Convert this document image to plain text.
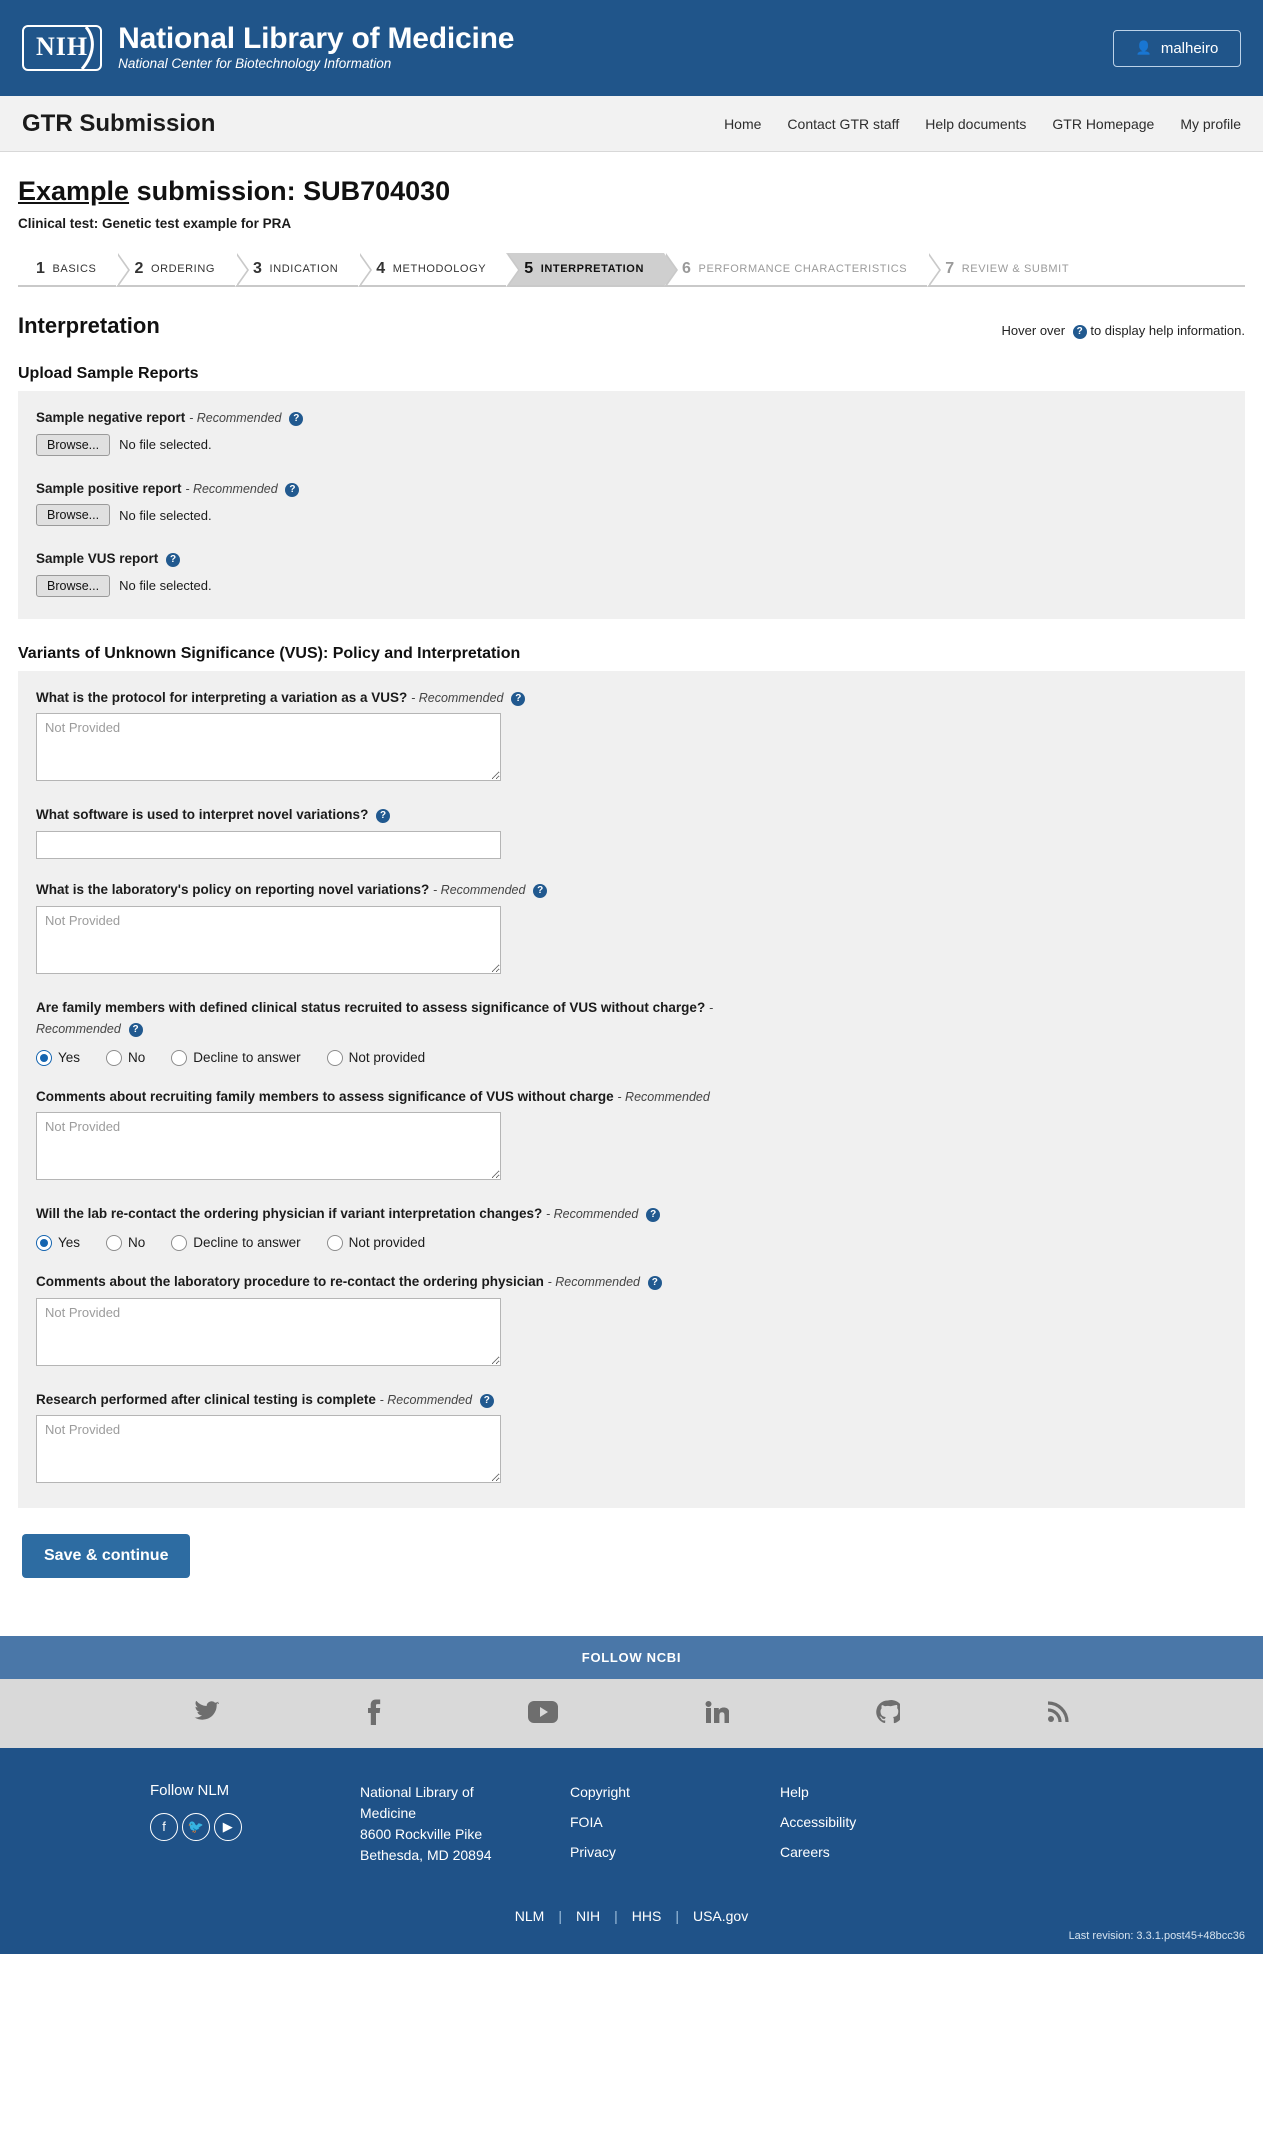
NIH	National Library of Medicine
National Center for Biotechnology Information
👤 malheiro
GTR Submission	Home Contact GTR staff Help documents GTR Homepage My profile
Example submission: SUB704030
Clinical test: Genetic test example for PRA
1 BASICS 2 ORDERING 3 INDICATION 4 METHODOLOGY 5 INTERPRETATION 6 PERFORMANCE CHARACTERISTICS 7 REVIEW & SUBMIT
Interpretation	Hover over ? to display help information.
Upload Sample Reports
Sample negative report - Recommended ?
Browse...	No file selected.
Sample positive report - Recommended ?
Browse...	No file selected.
Sample VUS report ?
Browse...	No file selected.
Variants of Unknown Significance (VUS): Policy and Interpretation
What is the protocol for interpreting a variation as a VUS? - Recommended ?
Not Provided
What software is used to interpret novel variations? ?
What is the laboratory's policy on reporting novel variations? - Recommended ?
Not Provided
Are family members with defined clinical status recruited to assess significance of VUS without charge? - Recommended ?
Yes	No	Decline to answer	Not provided
Comments about recruiting family members to assess significance of VUS without charge - Recommended
Not Provided
Will the lab re-contact the ordering physician if variant interpretation changes? - Recommended ?
Yes	No	Decline to answer	Not provided
Comments about the laboratory procedure to re-contact the ordering physician - Recommended ?
Not Provided
Research performed after clinical testing is complete - Recommended ?
Not Provided
Save & continue
FOLLOW NCBI
Follow NLM
f 🐦 ▶
National Library of
Medicine
8600 Rockville Pike
Bethesda, MD 20894
Copyright
FOIA
Privacy
Help
Accessibility
Careers
NLM | NIH | HHS | USA.gov
Last revision: 3.3.1.post45+48bcc36
